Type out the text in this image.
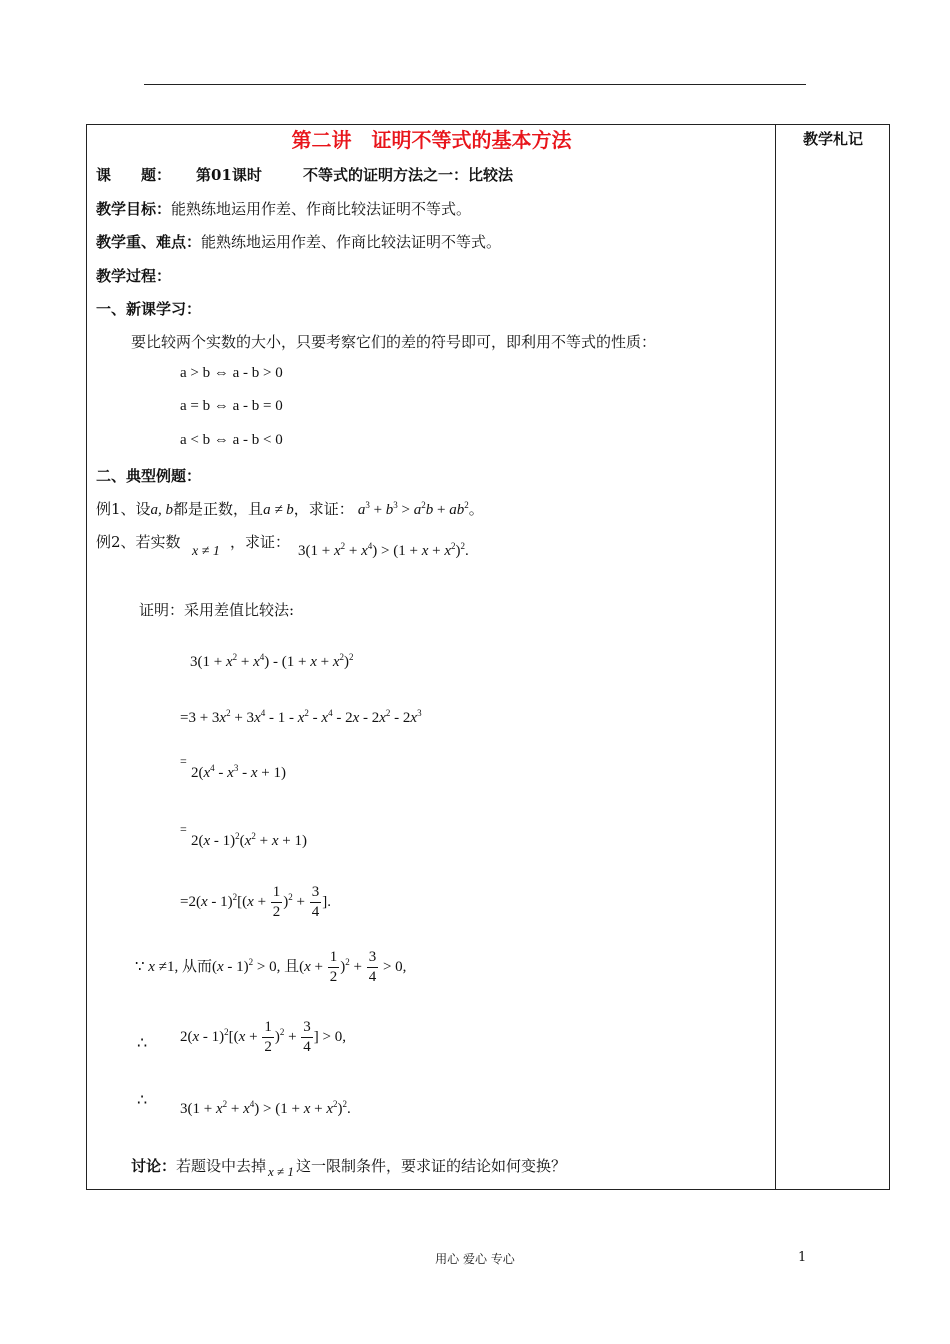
第二讲　证明不等式的基本方法	教学札记
课　　题： 第01课时	不等式的证明方法之一：比较法
教学目标：能熟练地运用作差、作商比较法证明不等式。
教学重、难点：能熟练地运用作差、作商比较法证明不等式。
教学过程：
一、新课学习：
要比较两个实数的大小，只要考察它们的差的符号即可，即利用不等式的性质：
a > b ⇔ a - b > 0
a = b ⇔ a - b = 0
a < b ⇔ a - b < 0
二、典型例题：
例1、设a, b都是正数，且a ≠ b，求证： $a^3 + b^3 > a^2b + ab^2$。
例2、若实数
x ≠ 1
，求证： $3(1 + x^2 + x^4) > (1 + x + x^2)^2$.
证明：采用差值比较法:
$3(1 + x^2 + x^4) - (1 + x + x^2)^2$
$=3 + 3x^2 + 3x^4 - 1 - x^2 - x^4 - 2x - 2x^2 - 2x^3$
=
$2(x^4 - x^3 - x + 1)$
=
$2(x - 1)^2(x^2 + x + 1)$
$=2(x - 1)^2[(x + \frac{1}{2} )^2 + \frac{3}{4}$ ].
∵ x ≠1, 从而(x - 1)$^2$ > 0, 且$(x + \frac{1}{2} )^2 + \frac{3}{4} > 0$,
∴ $2(x - 1)^2[(x + \frac{1}{2} )^2 + \frac{3}{4}$ ] > 0,
∴ $3(1 + x^2 + x^4) > (1 + x + x^2)^2$.
讨论：若题设中去掉 x ≠ 1 这一限制条件，要求证的结论如何变换？
用心 爱心 专心	1
